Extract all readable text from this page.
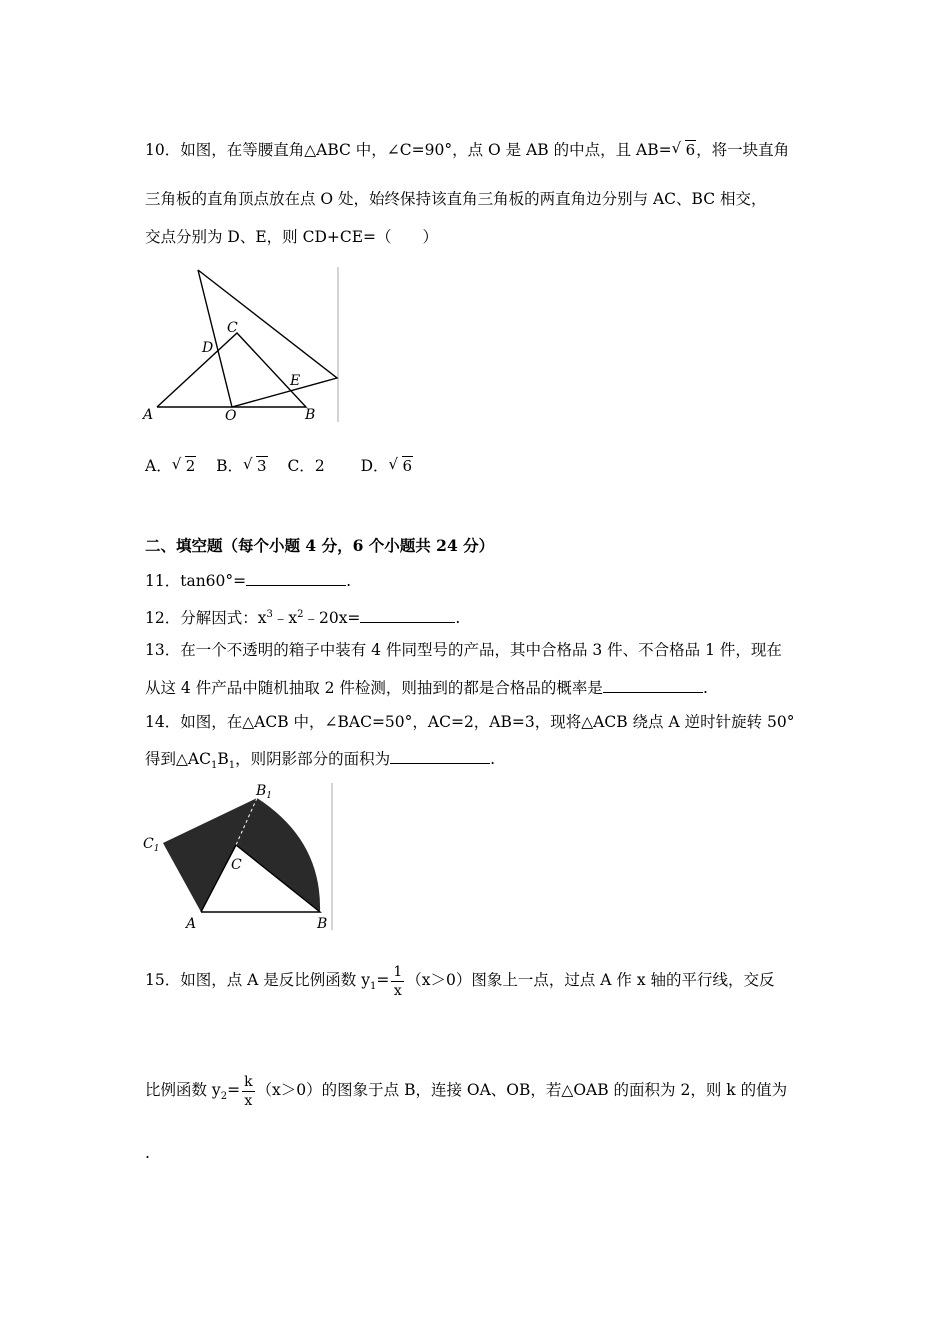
10．如图，在等腰直角△ABC 中，∠C=90°，点 O 是 AB 的中点，且 AB= √ 6，将一块直角
三角板的直角顶点放在点 O 处，始终保持该直角三角板的两直角边分别与 AC、BC 相交，
交点分别为 D、E，则 CD+CE=（　　）
A	B
C
D
E
O
A． √ 2 B． √ 3 C．2 D． √ 6
二、填空题（每个小题 4 分，6 个小题共 24 分）
11．tan60°=	.
12．分解因式：$x^3﹣x^2﹣20x=$	.
13．在一个不透明的箱子中装有 4 件同型号的产品，其中合格品 3 件、不合格品 1 件，现在
从这 4 件产品中随机抽取 2 件检测，则抽到的都是合格品的概率是	.
14．如图，在△ACB 中，∠BAC=50°，AC=2，AB=3，现将△ACB 绕点 A 逆时针旋转 50°
得到$\triangle AC_1B_1$，则阴影部分的面积为	.
A	B
C
$B_1$
$C_1$
15．如图，点 A 是反比例函数 $y_1= \frac{1}{x} (x>0)$图象上一点，过点 A 作 x 轴的平行线，交反
比例函数 $y_2= \frac{k}{x} (x>0)$的图象于点 B，连接 OA、OB，若△OAB 的面积为 2，则 k 的值为
.
